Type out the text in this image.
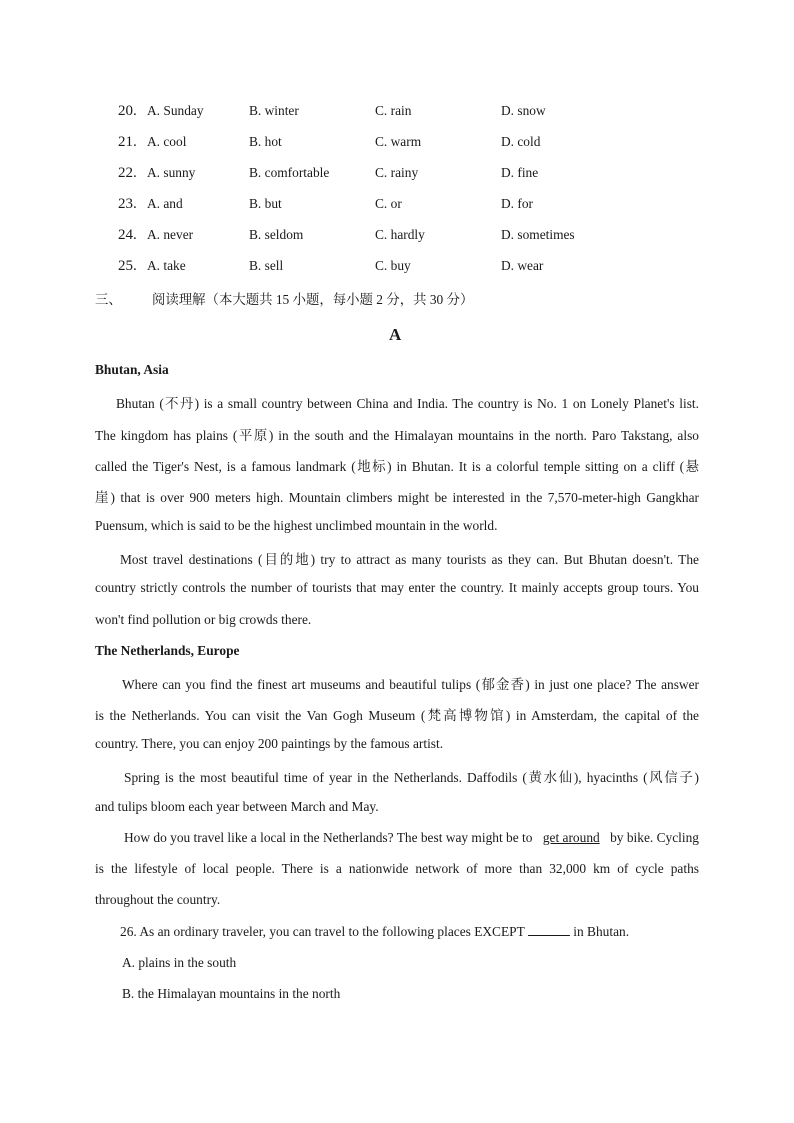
20. A. Sunday	B. winter	C. rain	D. snow
21. A. cool	B. hot	C. warm	D. cold
22. A. sunny	B. comfortable	C. rainy	D. fine
23. A. and	B. but	C. or	D. for
24. A. never	B. seldom	C. hardly	D. sometimes
25. A. take	B. sell	C. buy	D. wear
三、 阅读理解（本大题共 15 小题，每小题 2 分，共 30 分）
A
Bhutan, Asia
Bhutan (不丹) is a small country between China and India. The country is No. 1 on Lonely Planet's list.
The kingdom has plains (平原) in the south and the Himalayan mountains in the north. Paro Takstang, also
called the Tiger's Nest, is a famous landmark (地标) in Bhutan. It is a colorful temple sitting on a cliff (悬
崖) that is over 900 meters high. Mountain climbers might be interested in the 7,570-meter-high Gangkhar
Puensum, which is said to be the highest unclimbed mountain in the world.
Most travel destinations (目的地) try to attract as many tourists as they can. But Bhutan doesn't. The
country strictly controls the number of tourists that may enter the country. It mainly accepts group tours. You
won't find pollution or big crowds there.
The Netherlands, Europe
Where can you find the finest art museums and beautiful tulips (郁金香) in just one place? The answer
is the Netherlands. You can visit the Van Gogh Museum (梵高博物馆) in Amsterdam, the capital of the
country. There, you can enjoy 200 paintings by the famous artist.
Spring is the most beautiful time of year in the Netherlands. Daffodils (黄水仙), hyacinths (风信子)
and tulips bloom each year between March and May.
How do you travel like a local in the Netherlands? The best way might be to get around by bike. Cycling
is the lifestyle of local people. There is a nationwide network of more than 32,000 km of cycle paths
throughout the country.
26. As an ordinary traveler, you can travel to the following places EXCEPT	in Bhutan.
A. plains in the south
B. the Himalayan mountains in the north
